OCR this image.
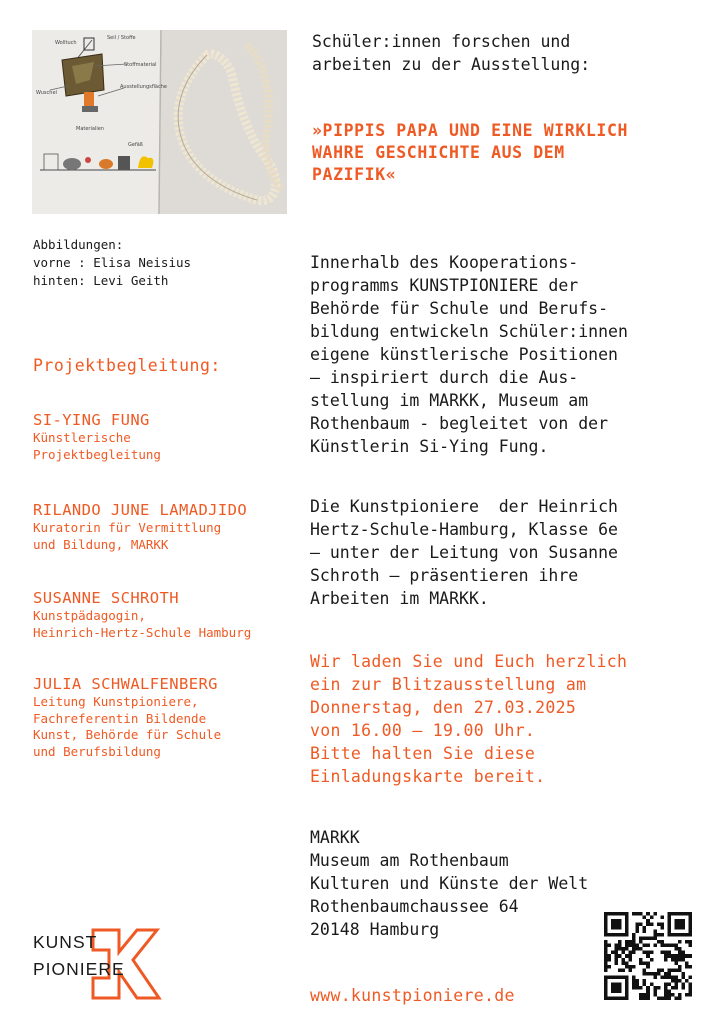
Wolltuch
Seil / Stoffe
Stoffmaterial
Wuschel
Ausstellungsfläche
Materialien
Gefäß
Abbildungen:
vorne : Elisa Neisius
hinten: Levi Geith
Projektbegleitung:
SI-YING FUNG
Künstlerische
Projektbegleitung
RILANDO JUNE LAMADJIDO
Kuratorin für Vermittlung
und Bildung, MARKK
SUSANNE SCHROTH
Kunstpädagogin,
Heinrich-Hertz-Schule Hamburg
JULIA SCHWALFENBERG
Leitung Kunstpioniere,
Fachreferentin Bildende
Kunst, Behörde für Schule
und Berufsbildung
Schüler:innen forschen und
arbeiten zu der Ausstellung:
»PIPPIS PAPA UND EINE WIRKLICH
WAHRE GESCHICHTE AUS DEM
PAZIFIK«
Innerhalb des Kooperations-
programms KUNSTPIONIERE der
Behörde für Schule und Berufs-
bildung entwickeln Schüler:innen
eigene künstlerische Positionen
– inspiriert durch die Aus-
stellung im MARKK, Museum am
Rothenbaum - begleitet von der
Künstlerin Si-Ying Fung.
Die Kunstpioniere  der Heinrich
Hertz-Schule-Hamburg, Klasse 6e
– unter der Leitung von Susanne
Schroth – präsentieren ihre
Arbeiten im MARKK.
Wir laden Sie und Euch herzlich
ein zur Blitzausstellung am
Donnerstag, den 27.03.2025
von 16.00 – 19.00 Uhr.
Bitte halten Sie diese
Einladungskarte bereit.
MARKK
Museum am Rothenbaum
Kulturen und Künste der Welt
Rothenbaumchaussee 64
20148 Hamburg
www.kunstpioniere.de
KUNST
PIONIERE
